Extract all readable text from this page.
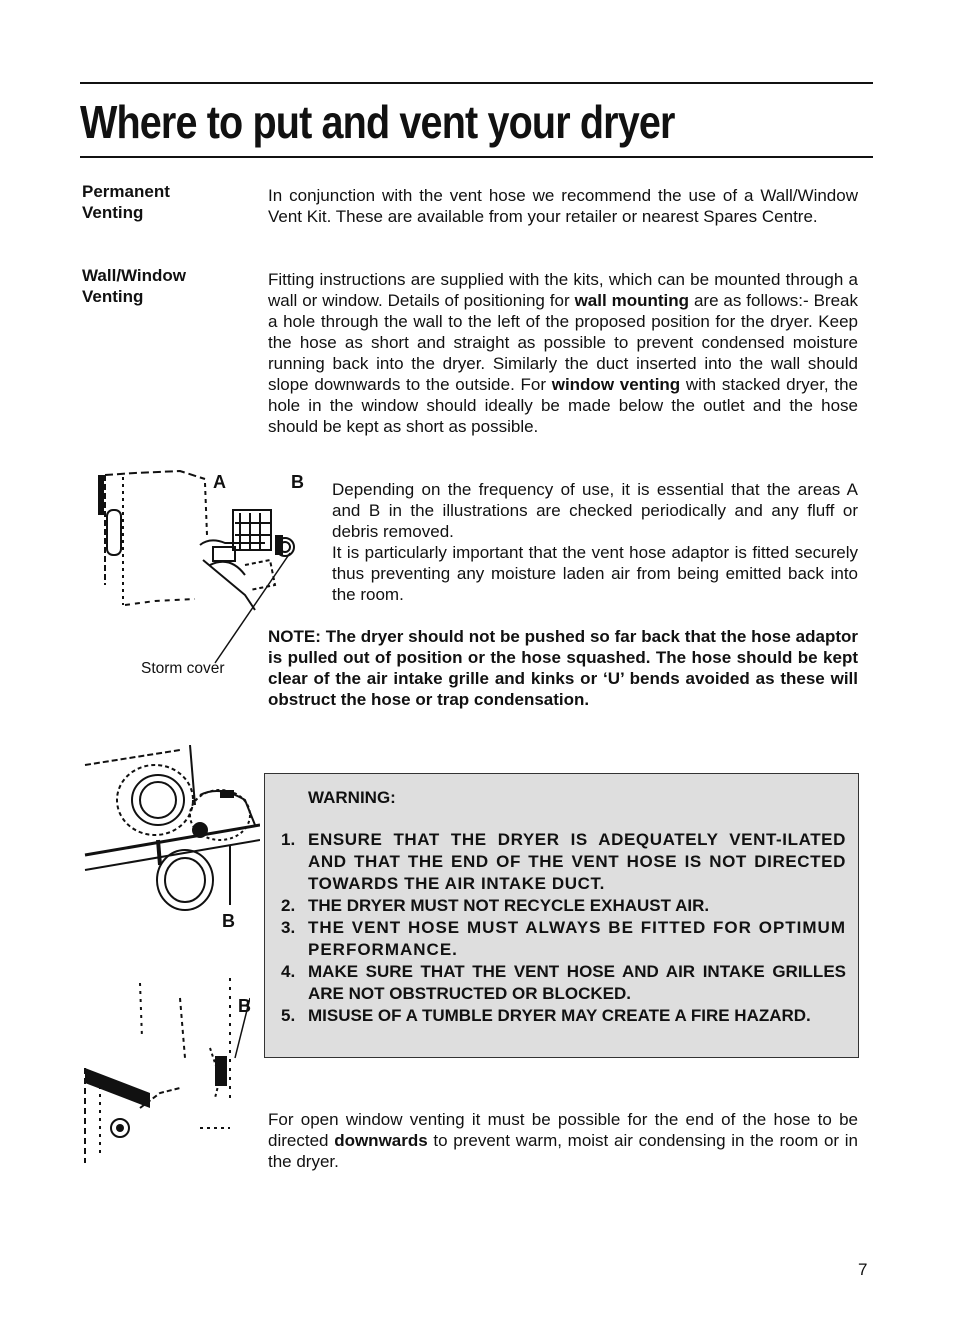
Where to put and vent your dryer
Permanent Venting

In conjunction with the vent hose we recommend the use of a Wall/Window Vent Kit. These are available from your retailer or nearest Spares Centre.

Wall/Window Venting

Fitting instructions are supplied with the kits, which can be mounted through a wall or window. Details of positioning for wall mounting are as follows:- Break a hole through the wall to the left of the proposed position for the dryer. Keep the hose as short and straight as possible to prevent condensed moisture running back into the dryer. Similarly the duct inserted into the wall should slope downwards to the outside. For window venting with stacked dryer, the hole in the window should ideally be made below the outlet and the hose should be kept as short as possible.

A	B
Storm cover

Depending on the frequency of use, it is essential that the areas A and B in the illustrations are checked periodically and any fluff or debris removed.

It is particularly important that the vent hose adaptor is fitted securely thus preventing any moisture laden air from being emitted back into the room.

NOTE: The dryer should not be pushed so far back that the hose adaptor is pulled out of position or the hose squashed. The hose should be kept clear of the air intake grille and kinks or ‘U’ bends avoided as these will obstruct the hose or trap condensation.

B
B
WARNING:
1. ENSURE THAT THE DRYER IS ADEQUATELY VENT-ILATED AND THAT THE END OF THE VENT HOSE IS NOT DIRECTED TOWARDS THE AIR INTAKE DUCT.
2. THE DRYER MUST NOT RECYCLE EXHAUST AIR.
3. THE VENT HOSE MUST ALWAYS BE FITTED FOR OPTIMUM PERFORMANCE.
4. MAKE SURE THAT THE VENT HOSE AND AIR INTAKE GRILLES ARE NOT OBSTRUCTED OR BLOCKED.
5. MISUSE OF A TUMBLE DRYER MAY CREATE A FIRE HAZARD.

For open window venting it must be possible for the end of the hose to be directed downwards to prevent warm, moist air condensing in the room or in the dryer.

7
